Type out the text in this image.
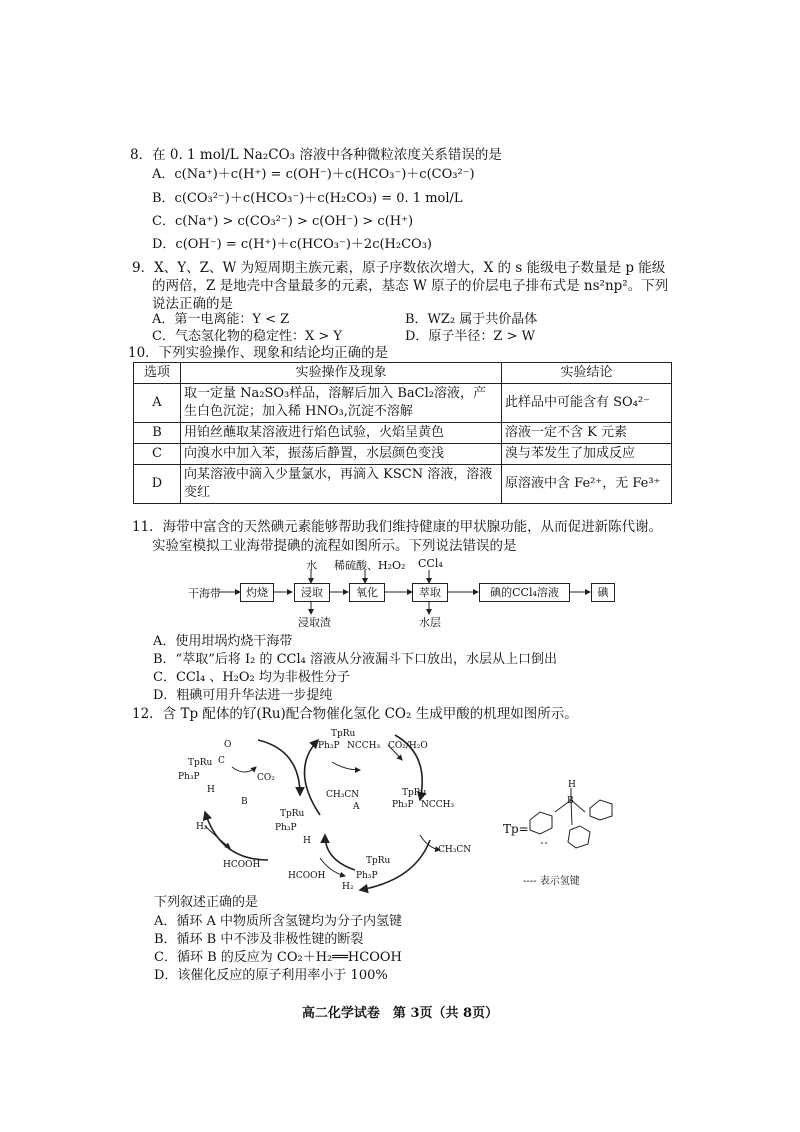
8．在 0. 1 mol/L Na₂CO₃ 溶液中各种微粒浓度关系错误的是
A．c(Na⁺)＋c(H⁺) = c(OH⁻)＋c(HCO₃⁻)＋c(CO₃²⁻)
B．c(CO₃²⁻)＋c(HCO₃⁻)＋c(H₂CO₃) = 0. 1 mol/L
C．c(Na⁺) > c(CO₃²⁻) > c(OH⁻) > c(H⁺)
D．c(OH⁻) = c(H⁺)＋c(HCO₃⁻)＋2c(H₂CO₃)
9．X、Y、Z、W 为短周期主族元素，原子序数依次增大，X 的 s 能级电子数量是 p 能级
的两倍，Z 是地壳中含量最多的元素，基态 W 原子的价层电子排布式是 ns²np²。下列
说法正确的是
A．第一电离能：Y < Z	B．WZ₂ 属于共价晶体
C．气态氢化物的稳定性：X > Y	D．原子半径：Z > W
10．下列实验操作、现象和结论均正确的是
选项	实验操作及现象	实验结论
A	取一定量 Na₂SO₃样品，溶解后加入 BaCl₂溶液，产生白色沉淀；加入稀 HNO₃,沉淀不溶解	此样品中可能含有 SO₄²⁻
B	用铂丝蘸取某溶液进行焰色试验，火焰呈黄色	溶液一定不含 K 元素
C	向溴水中加入苯，振荡后静置，水层颜色变浅	溴与苯发生了加成反应
D	向某溶液中滴入少量氯水，再滴入 KSCN 溶液，溶液变红	原溶液中含 Fe²⁺，无 Fe³⁺
11．海带中富含的天然碘元素能够帮助我们维持健康的甲状腺功能，从而促进新陈代谢。
实验室模拟工业海带提碘的流程如图所示。下列说法错误的是
干海带	灼烧	浸取	氧化	萃取	碘的CCl₄溶液	碘
水 稀硫酸、H₂O₂ CCl₄
浸取渣	水层
A．使用坩埚灼烧干海带
B．“萃取”后将 I₂ 的 CCl₄ 溶液从分液漏斗下口放出，水层从上口倒出
C．CCl₄ 、H₂O₂ 均为非极性分子
D．粗碘可用升华法进一步提纯
12．含 Tp 配体的钌(Ru)配合物催化氢化 CO₂ 生成甲酸的机理如图所示。
TpRu
Ph₃P
O
C
H
CO₂
B
TpRu
Ph₃P NCCH₃ CO₂/H₂O
CH₃CN
A
TpRu
Ph₃P NCCH₃
TpRu
Ph₃P
H
H₂
HCOOH	TpRu
Ph₃P
CH₃CN
HCOOH
H₂
H
B
Tp=
---- 表示氢键
下列叙述正确的是
A．循环 A 中物质所含氢键均为分子内氢键
B．循环 B 中不涉及非极性键的断裂
C．循环 B 的反应为 CO₂＋H₂══HCOOH
D．该催化反应的原子利用率小于 100%
高二化学试卷　第 3页（共 8页）
